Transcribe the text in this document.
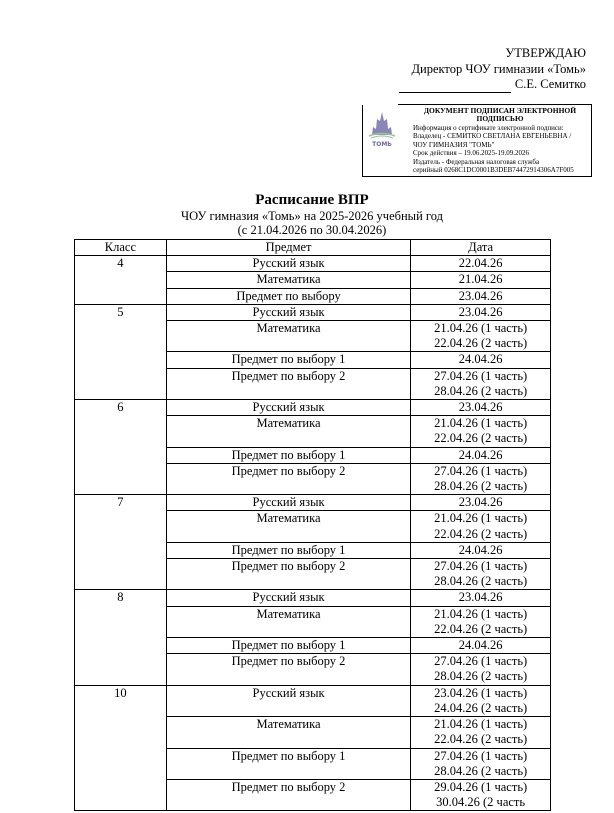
УТВЕРЖДАЮ
Директор ЧОУ гимназии «Томь»
С.Е. Семитко
ТОМЬ
ДОКУМЕНТ ПОДПИСАН ЭЛЕКТРОННОЙ ПОДПИСЬЮ
Информация о сертификате электронной подписи:
Владелец - СЕМИТКО СВЕТЛАНА ЕВГЕНЬЕВНА / ЧОУ ГИМНАЗИЯ "ТОМЬ"
Срок действия – 19.06.2025-19.09.2026
Издатель - Федеральная налоговая служба
серийный 0268C1DC0001B3DEB74472914306A7F005
Расписание ВПР
ЧОУ гимназия «Томь» на 2025-2026 учебный год
(с 21.04.2026 по 30.04.2026)
Класс	Предмет	Дата
4	Русский язык	22.04.26

	Математика	21.04.26

	Предмет по выбору	23.04.26

5	Русский язык	23.04.26

	Математика	21.04.26 (1 часть)
22.04.26 (2 часть)

	Предмет по выбору 1	24.04.26

	Предмет по выбору 2	27.04.26 (1 часть)
28.04.26 (2 часть)

6	Русский язык	23.04.26

	Математика	21.04.26 (1 часть)
22.04.26 (2 часть)

	Предмет по выбору 1	24.04.26

	Предмет по выбору 2	27.04.26 (1 часть)
28.04.26 (2 часть)

7	Русский язык	23.04.26

	Математика	21.04.26 (1 часть)
22.04.26 (2 часть)

	Предмет по выбору 1	24.04.26

	Предмет по выбору 2	27.04.26 (1 часть)
28.04.26 (2 часть)

8	Русский язык	23.04.26

	Математика	21.04.26 (1 часть)
22.04.26 (2 часть)

	Предмет по выбору 1	24.04.26

	Предмет по выбору 2	27.04.26 (1 часть)
28.04.26 (2 часть)

10	Русский язык	23.04.26 (1 часть)
24.04.26 (2 часть)

	Математика	21.04.26 (1 часть)
22.04.26 (2 часть)

	Предмет по выбору 1	27.04.26 (1 часть)
28.04.26 (2 часть)

	Предмет по выбору 2	29.04.26 (1 часть)
30.04.26 (2 часть
